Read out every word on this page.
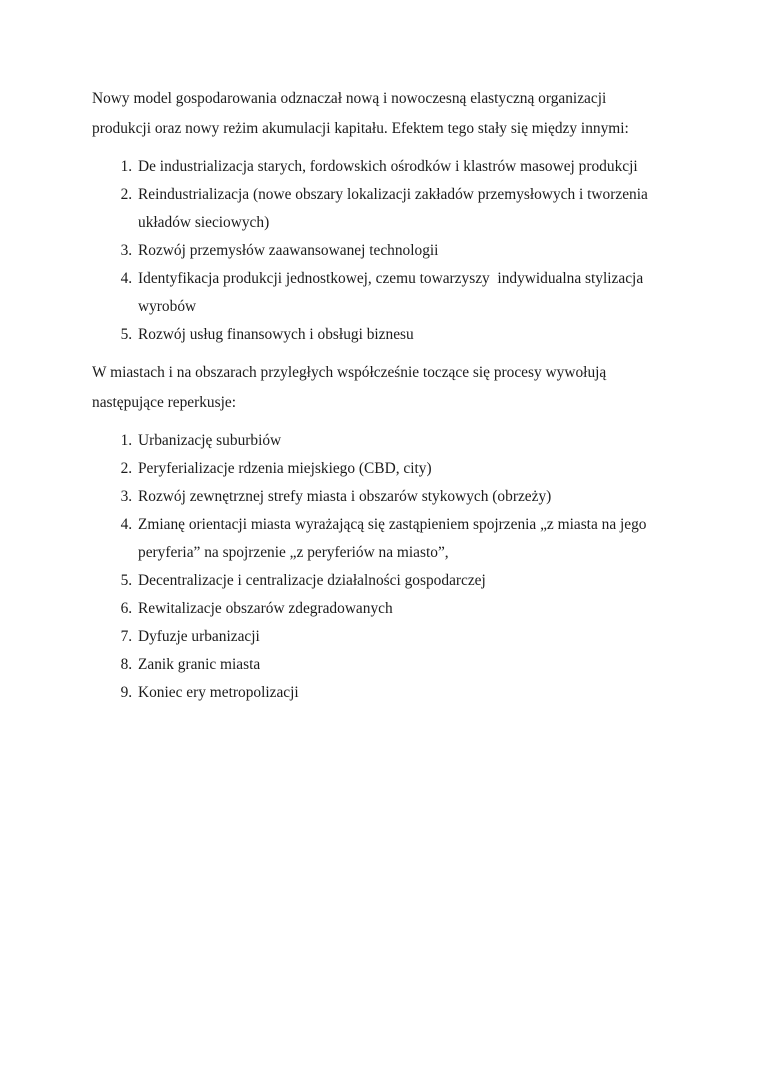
Nowy model gospodarowania odznaczał nową i nowoczesną elastyczną organizacji produkcji oraz nowy reżim akumulacji kapitału. Efektem tego stały się między innymi:

1. De industrializacja starych, fordowskich ośrodków i klastrów masowej produkcji
2. Reindustrializacja (nowe obszary lokalizacji zakładów przemysłowych i tworzenia układów sieciowych)
3. Rozwój przemysłów zaawansowanej technologii
4. Identyfikacja produkcji jednostkowej, czemu towarzyszy  indywidualna stylizacja wyrobów
5. Rozwój usług finansowych i obsługi biznesu

W miastach i na obszarach przyległych współcześnie toczące się procesy wywołują następujące reperkusje:

1. Urbanizację suburbiów
2. Peryferializacje rdzenia miejskiego (CBD, city)
3. Rozwój zewnętrznej strefy miasta i obszarów stykowych (obrzeży)
4. Zmianę orientacji miasta wyrażającą się zastąpieniem spojrzenia „z miasta na jego peryferia” na spojrzenie „z peryferiów na miasto”,
5. Decentralizacje i centralizacje działalności gospodarczej
6. Rewitalizacje obszarów zdegradowanych
7. Dyfuzje urbanizacji
8. Zanik granic miasta
9. Koniec ery metropolizacji
